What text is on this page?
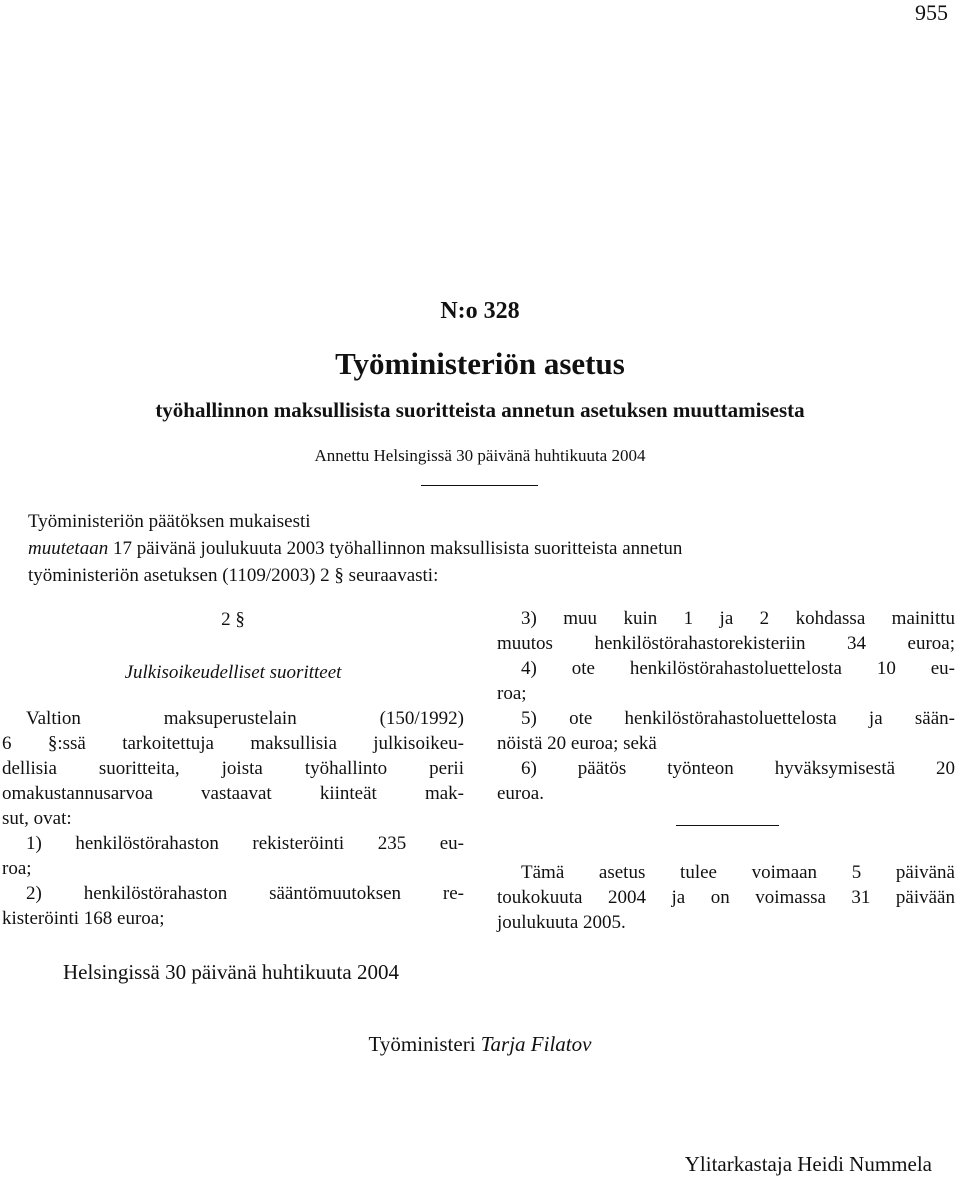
955
N:o 328
Työministeriön asetus
työhallinnon maksullisista suoritteista annetun asetuksen muuttamisesta
Annettu Helsingissä 30 päivänä huhtikuuta 2004
Työministeriön päätöksen mukaisesti
muutetaan 17 päivänä joulukuuta 2003 työhallinnon maksullisista suoritteista annetun
työministeriön asetuksen (1109/2003) 2 § seuraavasti:
2 §
Julkisoikeudelliset suoritteet
Valtion maksuperustelain (150/1992)
6 §:ssä tarkoitettuja maksullisia julkisoikeu-
dellisia suoritteita, joista työhallinto perii
omakustannusarvoa vastaavat kiinteät mak-
sut, ovat:
1) henkilöstörahaston rekisteröinti 235 eu-
roa;
2) henkilöstörahaston sääntömuutoksen re-
kisteröinti 168 euroa;
3) muu kuin 1 ja 2 kohdassa mainittu
muutos henkilöstörahastorekisteriin 34 euroa;
4) ote henkilöstörahastoluettelosta 10 eu-
roa;
5) ote henkilöstörahastoluettelosta ja sään-
nöistä 20 euroa; sekä
6) päätös työnteon hyväksymisestä 20
euroa.
Tämä asetus tulee voimaan 5 päivänä
toukokuuta 2004 ja on voimassa 31 päivään
joulukuuta 2005.
Helsingissä 30 päivänä huhtikuuta 2004
Työministeri Tarja Filatov
Ylitarkastaja Heidi Nummela
